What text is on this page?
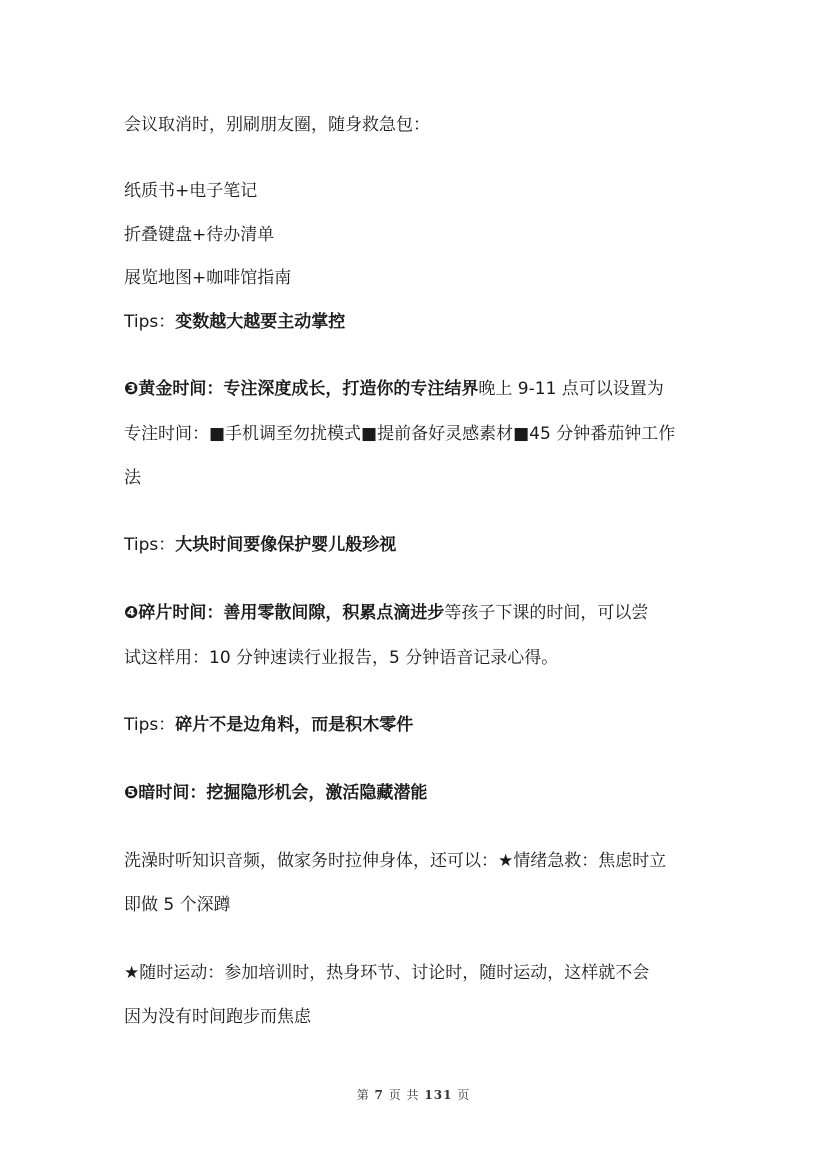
会议取消时，别刷朋友圈，随身救急包：
纸质书+电子笔记
折叠键盘+待办清单
展览地图+咖啡馆指南
Tips：变数越大越要主动掌控
❸黄金时间：专注深度成长，打造你的专注结界晚上 9-11 点可以设置为
专注时间：■手机调至勿扰模式■提前备好灵感素材■45 分钟番茄钟工作
法
Tips：大块时间要像保护婴儿般珍视
❹碎片时间：善用零散间隙，积累点滴进步等孩子下课的时间，可以尝
试这样用：10 分钟速读行业报告，5 分钟语音记录心得。
Tips：碎片不是边角料，而是积木零件
❺暗时间：挖掘隐形机会，激活隐藏潜能
洗澡时听知识音频，做家务时拉伸身体，还可以：★情绪急救：焦虑时立
即做 5 个深蹲
★随时运动：参加培训时，热身环节、讨论时，随时运动，这样就不会
因为没有时间跑步而焦虑
第 7 页 共 131 页
